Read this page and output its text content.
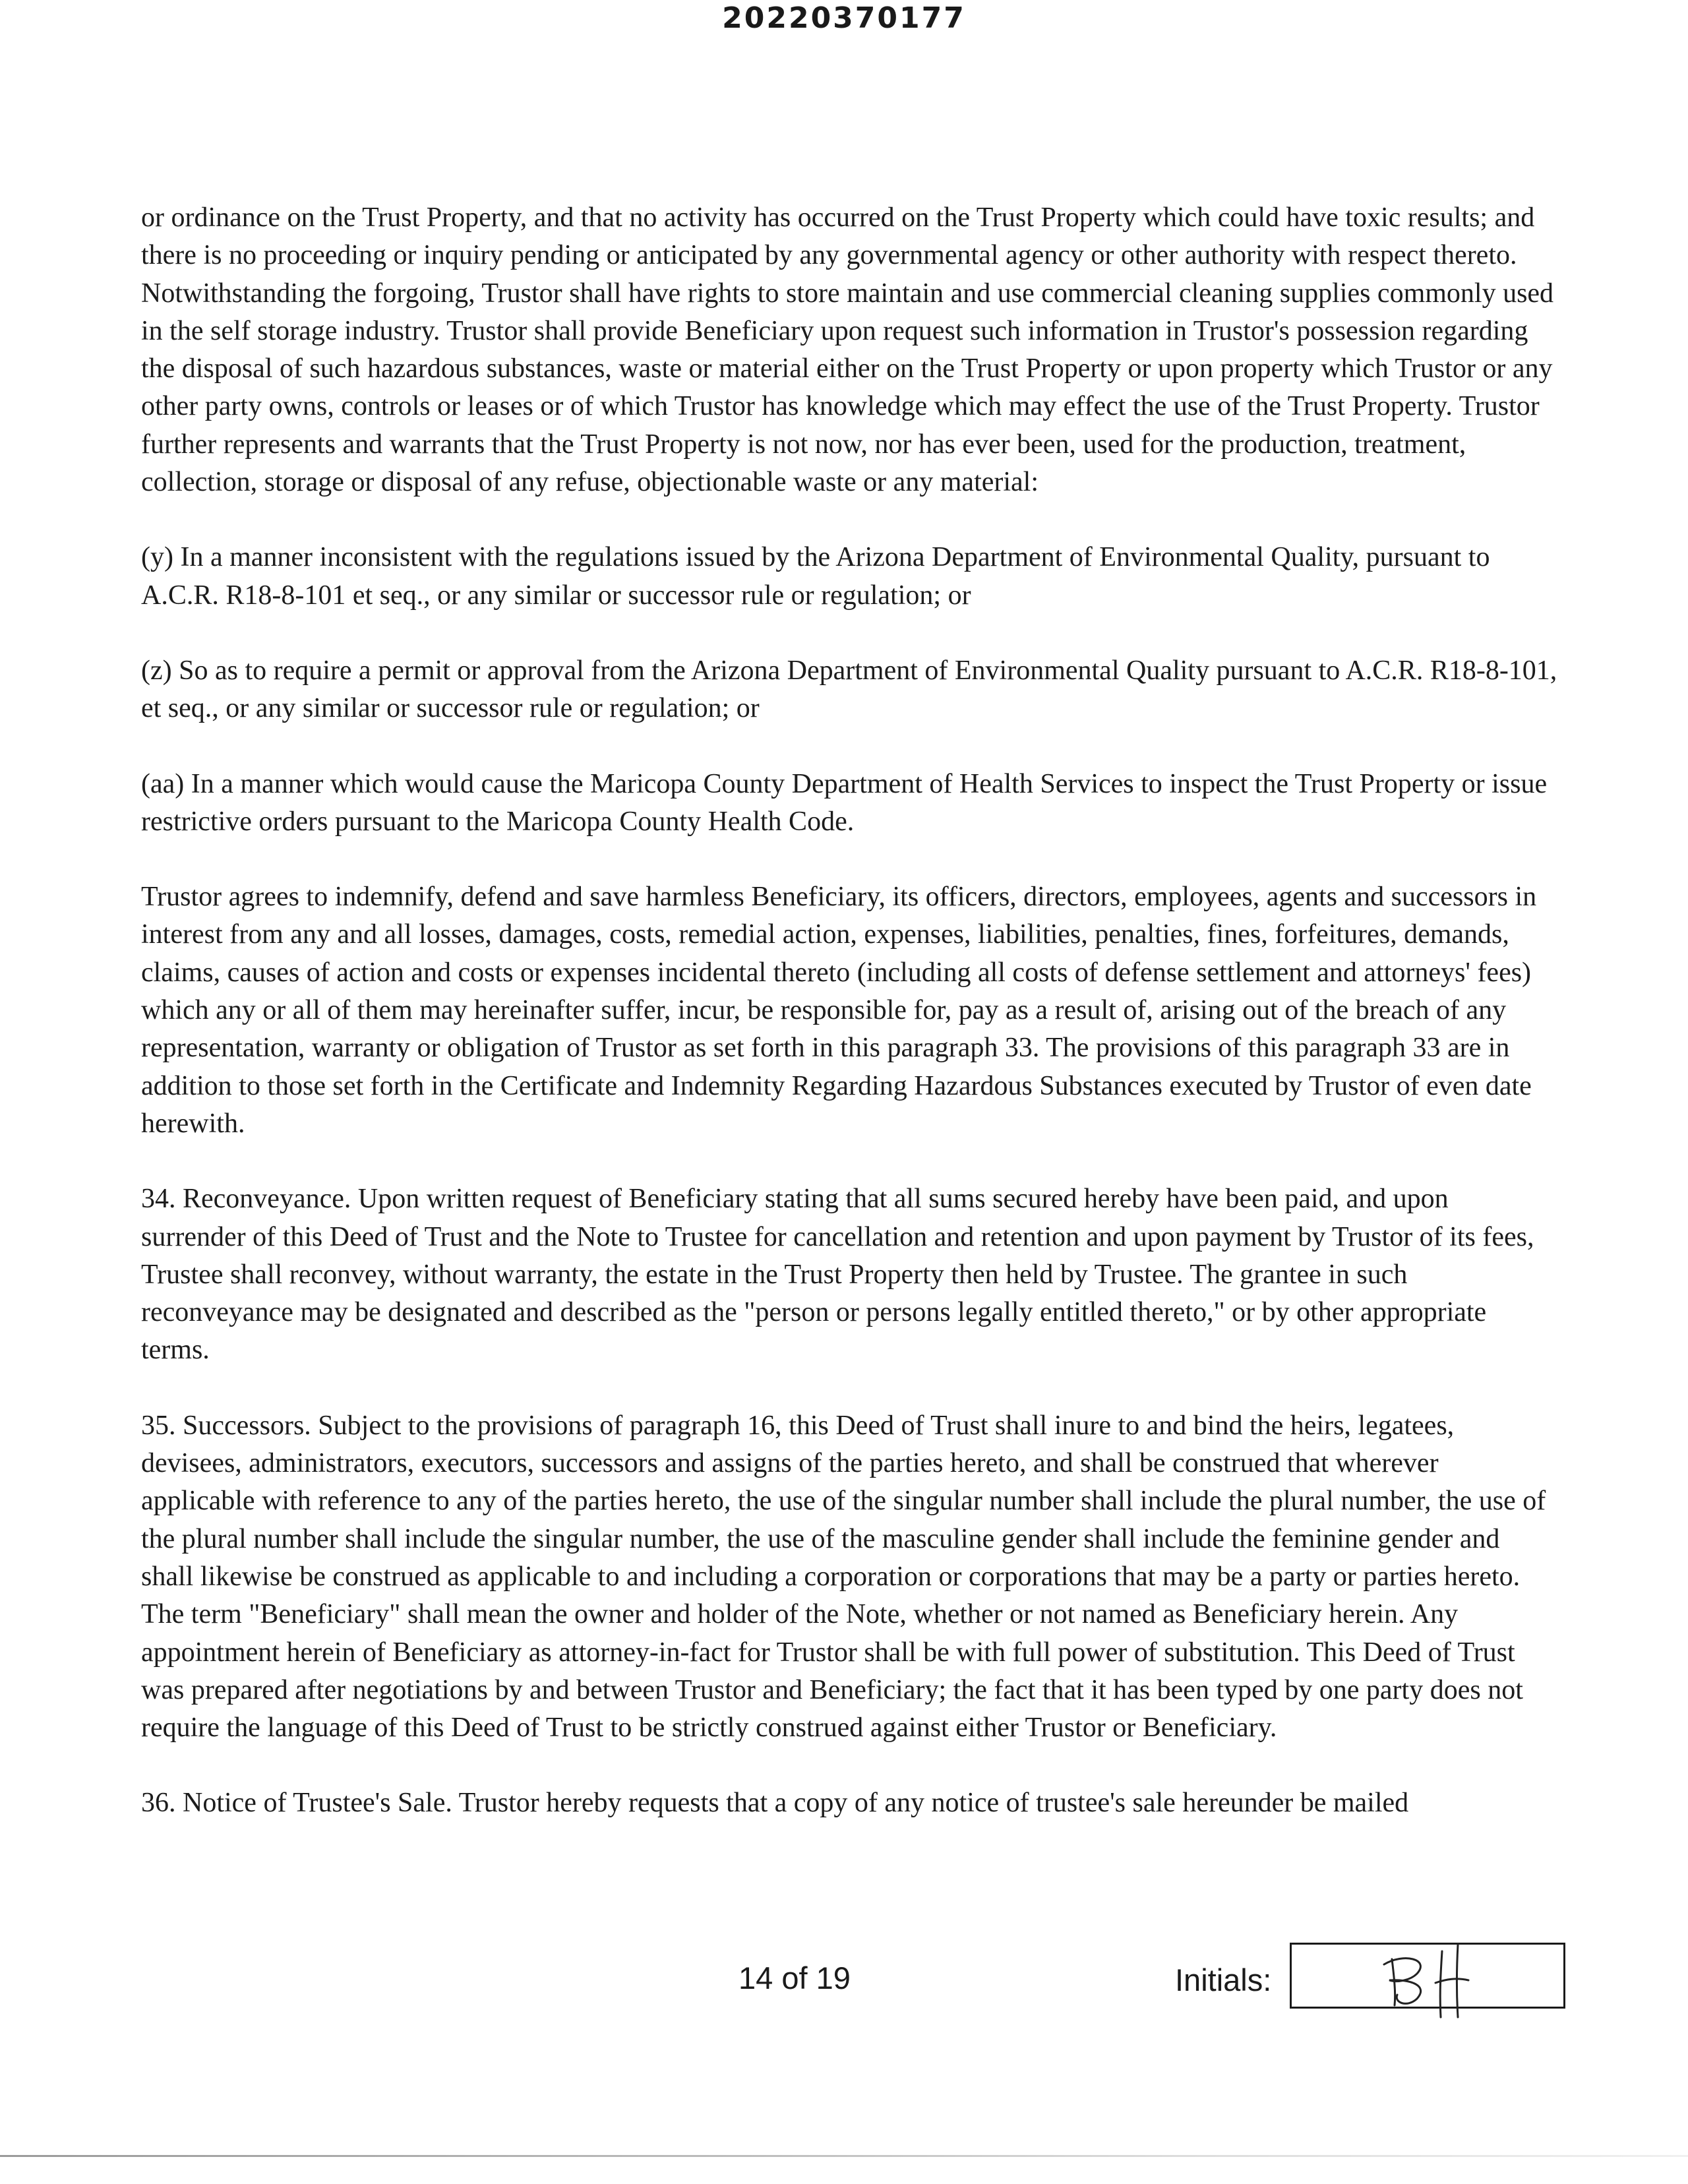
20220370177

or ordinance on the Trust Property, and that no activity has occurred on the Trust Property which could have toxic results; and there is no proceeding or inquiry pending or anticipated by any governmental agency or other authority with respect thereto. Notwithstanding the forgoing, Trustor shall have rights to store maintain and use commercial cleaning supplies commonly used in the self storage industry. Trustor shall provide Beneficiary upon request such information in Trustor's possession regarding the disposal of such hazardous substances, waste or material either on the Trust Property or upon property which Trustor or any other party owns, controls or leases or of which Trustor has knowledge which may effect the use of the Trust Property. Trustor further represents and warrants that the Trust Property is not now, nor has ever been, used for the production, treatment, collection, storage or disposal of any refuse, objectionable waste or any material:

(y) In a manner inconsistent with the regulations issued by the Arizona Department of Environmental Quality, pursuant to A.C.R. R18-8-101 et seq., or any similar or successor rule or regulation; or

(z) So as to require a permit or approval from the Arizona Department of Environmental Quality pursuant to A.C.R. R18-8-101, et seq., or any similar or successor rule or regulation; or

(aa) In a manner which would cause the Maricopa County Department of Health Services to inspect the Trust Property or issue restrictive orders pursuant to the Maricopa County Health Code.

Trustor agrees to indemnify, defend and save harmless Beneficiary, its officers, directors, employees, agents and successors in interest from any and all losses, damages, costs, remedial action, expenses, liabilities, penalties, fines, forfeitures, demands, claims, causes of action and costs or expenses incidental thereto (including all costs of defense settlement and attorneys' fees) which any or all of them may hereinafter suffer, incur, be responsible for, pay as a result of, arising out of the breach of any representation, warranty or obligation of Trustor as set forth in this paragraph 33. The provisions of this paragraph 33 are in addition to those set forth in the Certificate and Indemnity Regarding Hazardous Substances executed by Trustor of even date herewith.

34. Reconveyance. Upon written request of Beneficiary stating that all sums secured hereby have been paid, and upon surrender of this Deed of Trust and the Note to Trustee for cancellation and retention and upon payment by Trustor of its fees, Trustee shall reconvey, without warranty, the estate in the Trust Property then held by Trustee. The grantee in such reconveyance may be designated and described as the "person or persons legally entitled thereto," or by other appropriate terms.

35. Successors. Subject to the provisions of paragraph 16, this Deed of Trust shall inure to and bind the heirs, legatees, devisees, administrators, executors, successors and assigns of the parties hereto, and shall be construed that wherever applicable with reference to any of the parties hereto, the use of the singular number shall include the plural number, the use of the plural number shall include the singular number, the use of the masculine gender shall include the feminine gender and shall likewise be construed as applicable to and including a corporation or corporations that may be a party or parties hereto. The term "Beneficiary" shall mean the owner and holder of the Note, whether or not named as Beneficiary herein. Any appointment herein of Beneficiary as attorney-in-fact for Trustor shall be with full power of substitution. This Deed of Trust was prepared after negotiations by and between Trustor and Beneficiary; the fact that it has been typed by one party does not require the language of this Deed of Trust to be strictly construed against either Trustor or Beneficiary.

36. Notice of Trustee's Sale. Trustor hereby requests that a copy of any notice of trustee's sale hereunder be mailed

14 of 19	Initials:
